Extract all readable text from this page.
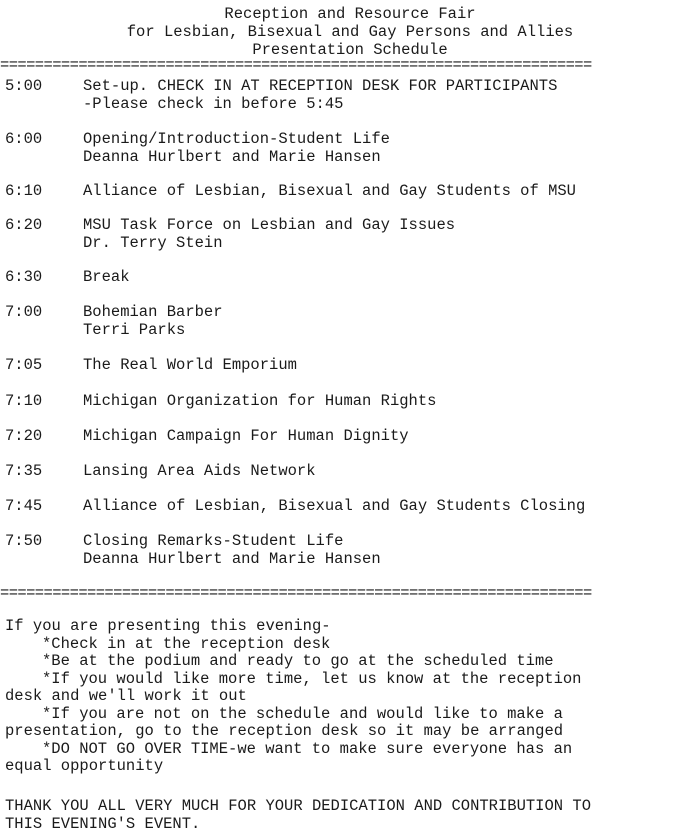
Reception and Resource Fair
for Lesbian, Bisexual and Gay Persons and Allies
Presentation Schedule
====================================================================
5:00	Set-up. CHECK IN AT RECEPTION DESK FOR PARTICIPANTS
-Please check in before 5:45
6:00	Opening/Introduction-Student Life
Deanna Hurlbert and Marie Hansen
6:10	Alliance of Lesbian, Bisexual and Gay Students of MSU
6:20	MSU Task Force on Lesbian and Gay Issues
Dr. Terry Stein
6:30	Break
7:00	Bohemian Barber
Terri Parks
7:05	The Real World Emporium
7:10	Michigan Organization for Human Rights
7:20	Michigan Campaign For Human Dignity
7:35	Lansing Area Aids Network
7:45	Alliance of Lesbian, Bisexual and Gay Students Closing
7:50	Closing Remarks-Student Life
Deanna Hurlbert and Marie Hansen
====================================================================
If you are presenting this evening-
*Check in at the reception desk
*Be at the podium and ready to go at the scheduled time
*If you would like more time, let us know at the reception
desk and we'll work it out
*If you are not on the schedule and would like to make a
presentation, go to the reception desk so it may be arranged
*DO NOT GO OVER TIME-we want to make sure everyone has an
equal opportunity
THANK YOU ALL VERY MUCH FOR YOUR DEDICATION AND CONTRIBUTION TO
THIS EVENING'S EVENT.
